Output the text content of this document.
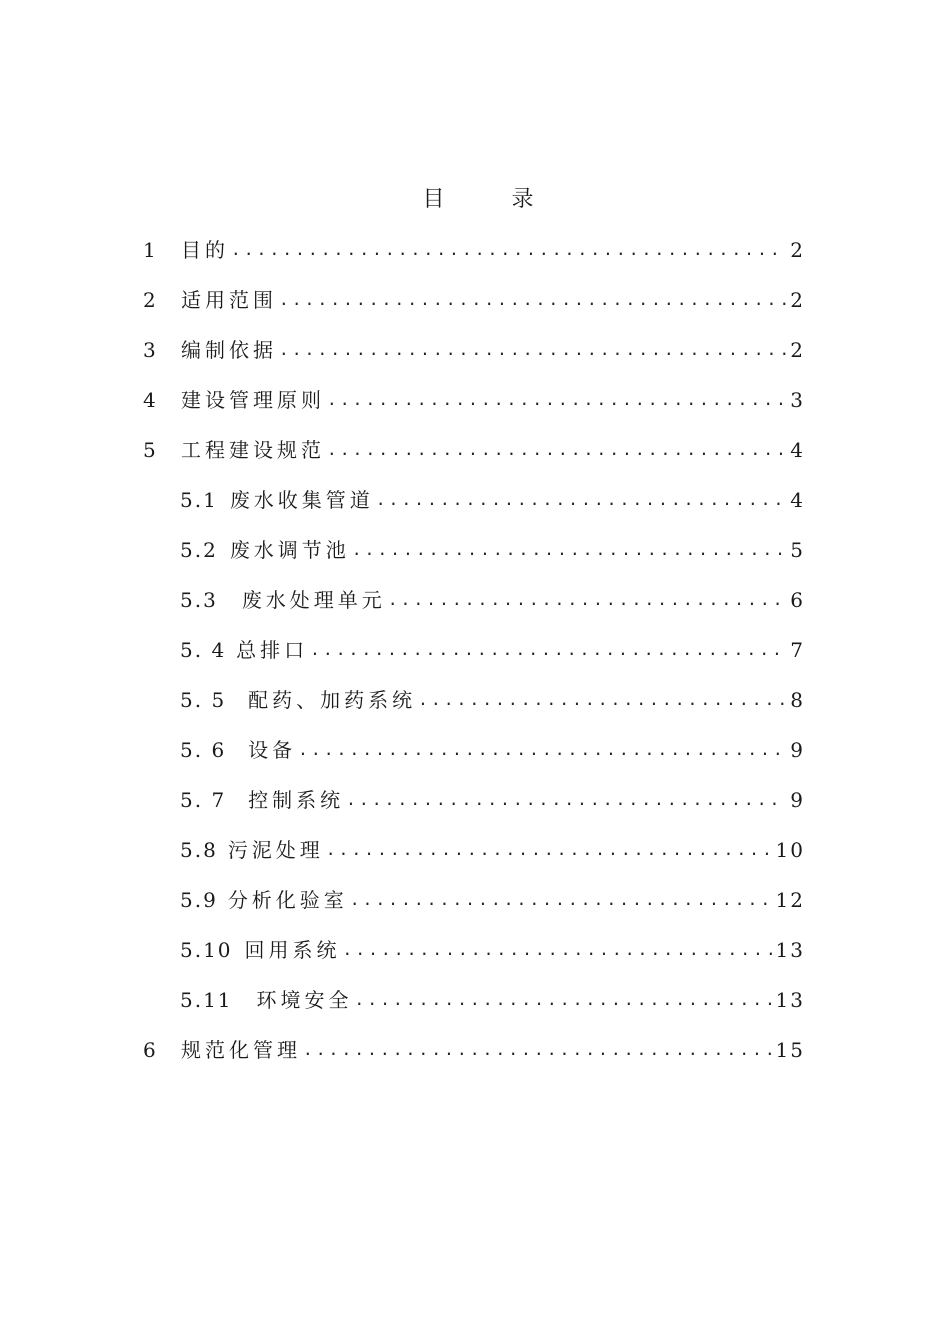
目 录
1	目的 .....	2
2	适用范围 .....	2
3	编制依据 .....	2
4	建设管理原则 .....	3
5	工程建设规范 .....	4
5.1 废水收集管道 .....	4
5.2 废水调节池 .....	5
5.3 废水处理单元 .....	6
5. 4 总排口 .....	7
5. 5 配药、加药系统 .....	8
5. 6 设备 .....	9
5. 7 控制系统 .....	9
5.8 污泥处理 .....	10
5.9 分析化验室 .....	12
5.10 回用系统 .....	13
5.11 环境安全 .....	13
6	规范化管理 .....	15
